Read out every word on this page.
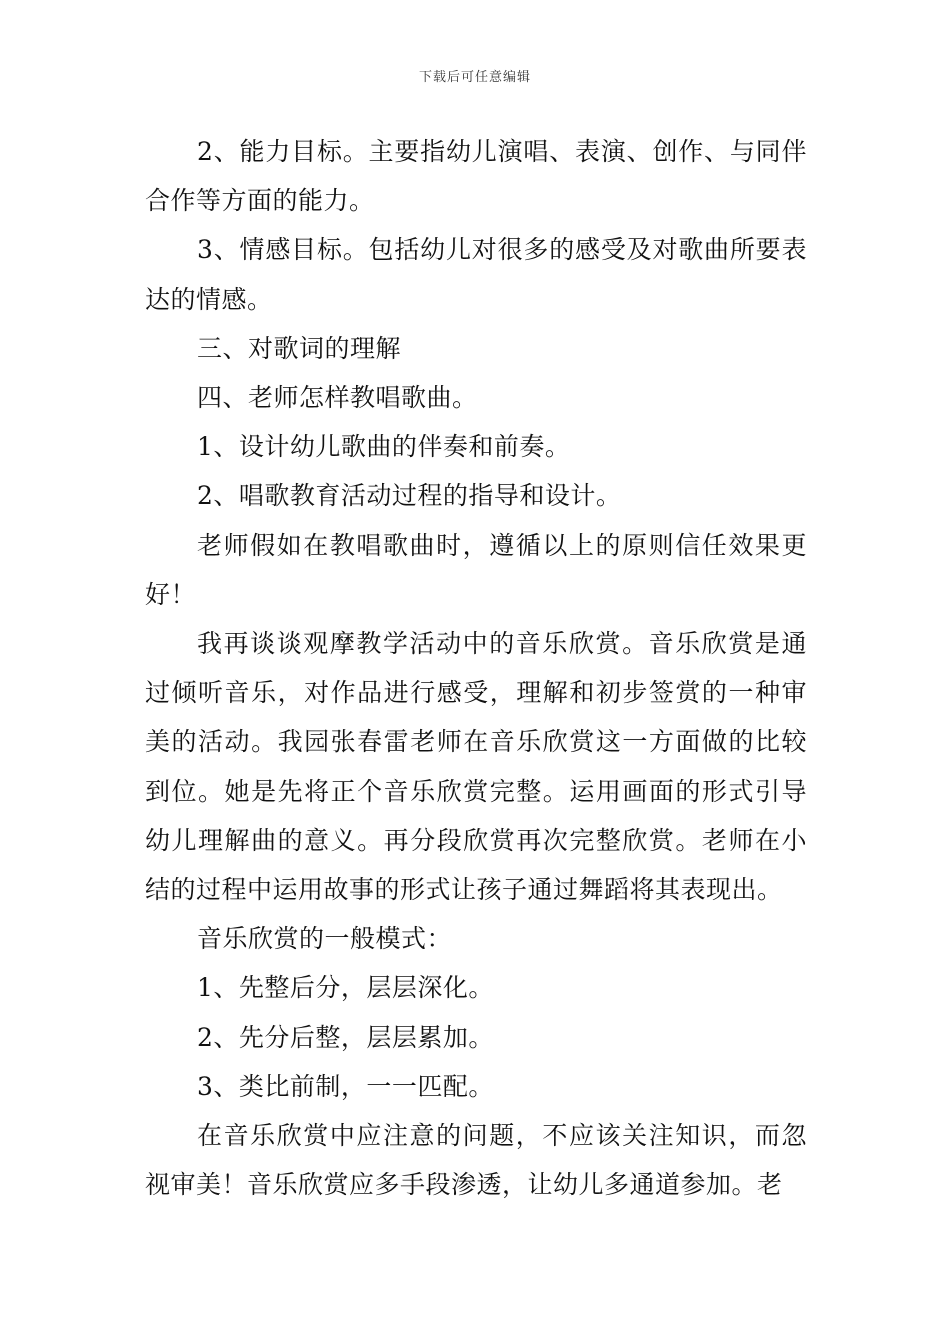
下载后可任意编辑

2、能力目标。主要指幼儿演唱、表演、创作、与同伴合作等方面的能力。

3、情感目标。包括幼儿对很多的感受及对歌曲所要表达的情感。

三、对歌词的理解

四、老师怎样教唱歌曲。

1、设计幼儿歌曲的伴奏和前奏。

2、唱歌教育活动过程的指导和设计。

老师假如在教唱歌曲时，遵循以上的原则信任效果更好！

我再谈谈观摩教学活动中的音乐欣赏。音乐欣赏是通过倾听音乐，对作品进行感受，理解和初步签赏的一种审美的活动。我园张春雷老师在音乐欣赏这一方面做的比较到位。她是先将正个音乐欣赏完整。运用画面的形式引导幼儿理解曲的意义。再分段欣赏再次完整欣赏。老师在小结的过程中运用故事的形式让孩子通过舞蹈将其表现出。

音乐欣赏的一般模式：

1、先整后分，层层深化。

2、先分后整，层层累加。

3、类比前制，一一匹配。

在音乐欣赏中应注意的问题，不应该关注知识，而忽视审美！音乐欣赏应多手段渗透，让幼儿多通道参加。老
